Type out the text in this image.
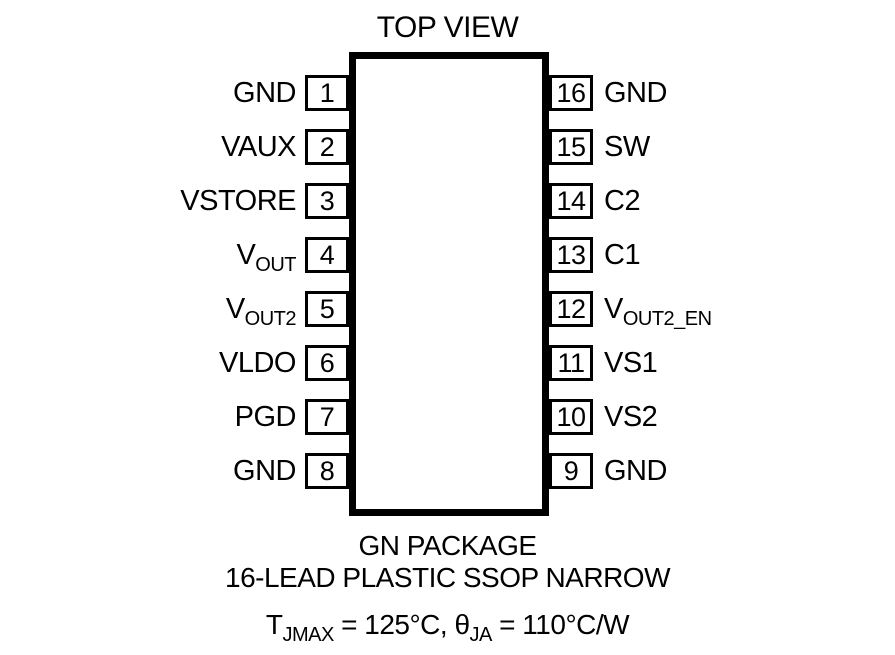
TOP VIEW
GND 1
VAUX 2
VSTORE 3
$V_{OUT}$ 4
$V_{OUT2}$ 5
VLDO 6
PGD 7
GND 8
16 GND
15 SW
14 C2
13 C1
12 $V_{OUT2\_EN}$
11 VS1
10 VS2
9 GND
GN PACKAGE
16-LEAD PLASTIC SSOP NARROW
$T_{JMAX} = 125^\circ C$, $\theta_{JA} = 110^\circ C/W$
